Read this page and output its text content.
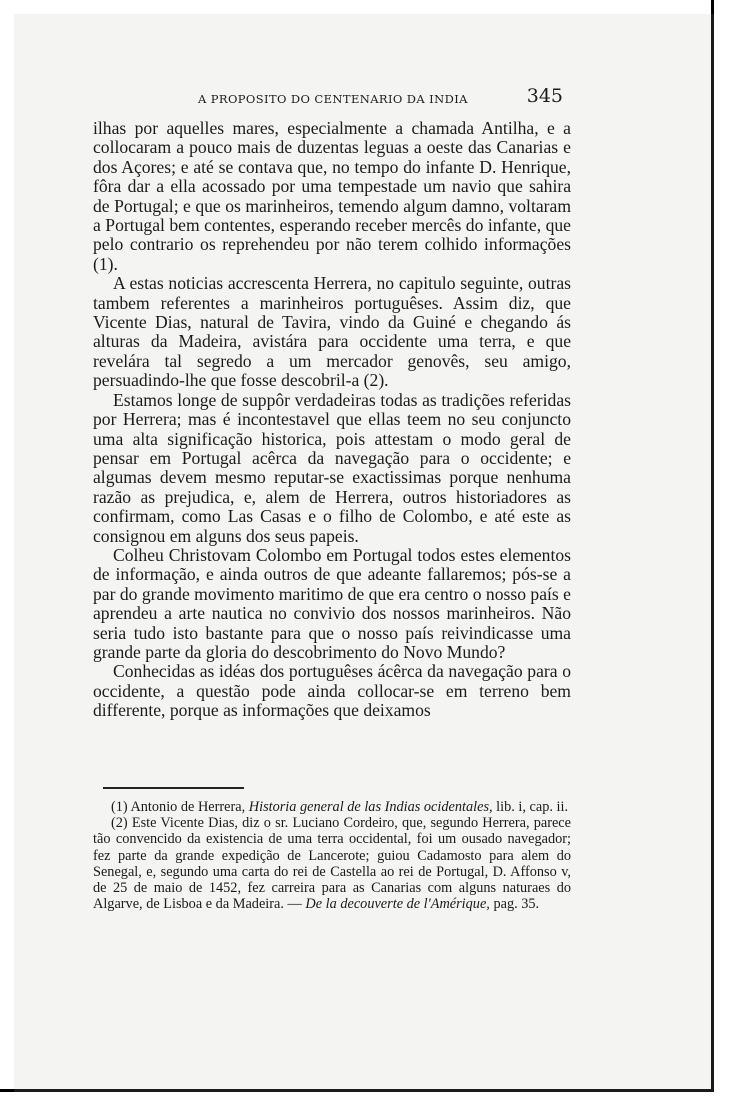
A PROPOSITO DO CENTENARIO DA INDIA	345

ilhas por aquelles mares, especialmente a chamada Antilha, e a collocaram a pouco mais de duzentas leguas a oeste das Canarias e dos Açores; e até se contava que, no tempo do infante D. Henrique, fôra dar a ella acossado por uma tempestade um navio que sahira de Portugal; e que os marinheiros, temendo algum damno, voltaram a Portugal bem contentes, esperando receber mercês do infante, que pelo contrario os reprehendeu por não terem colhido informações (1).

A estas noticias accrescenta Herrera, no capitulo seguinte, outras tambem referentes a marinheiros portuguêses. Assim diz, que Vicente Dias, natural de Tavira, vindo da Guiné e chegando ás alturas da Madeira, avistára para occidente uma terra, e que revelára tal segredo a um mercador genovês, seu amigo, persuadindo-lhe que fosse descobril-a (2).

Estamos longe de suppôr verdadeiras todas as tradições referidas por Herrera; mas é incontestavel que ellas teem no seu conjuncto uma alta significação historica, pois attestam o modo geral de pensar em Portugal acêrca da navegação para o occidente; e algumas devem mesmo reputar-se exactissimas porque nenhuma razão as prejudica, e, alem de Herrera, outros historiadores as confirmam, como Las Casas e o filho de Colombo, e até este as consignou em alguns dos seus papeis.

Colheu Christovam Colombo em Portugal todos estes elementos de informação, e ainda outros de que adeante fallaremos; pós-se a par do grande movimento maritimo de que era centro o nosso país e aprendeu a arte nautica no convivio dos nossos marinheiros. Não seria tudo isto bastante para que o nosso país reivindicasse uma grande parte da gloria do descobrimento do Novo Mundo?

Conhecidas as idéas dos portuguêses ácêrca da navegação para o occidente, a questão pode ainda collocar-se em terreno bem differente, porque as informações que deixamos

(1) Antonio de Herrera, Historia general de las Indias ocidentales, lib. i, cap. ii.

(2) Este Vicente Dias, diz o sr. Luciano Cordeiro, que, segundo Herrera, parece tão convencido da existencia de uma terra occidental, foi um ousado navegador; fez parte da grande expedição de Lancerote; guiou Cadamosto para alem do Senegal, e, segundo uma carta do rei de Castella ao rei de Portugal, D. Affonso v, de 25 de maio de 1452, fez carreira para as Canarias com alguns naturaes do Algarve, de Lisboa e da Madeira. — De la decouverte de l'Amérique, pag. 35.
